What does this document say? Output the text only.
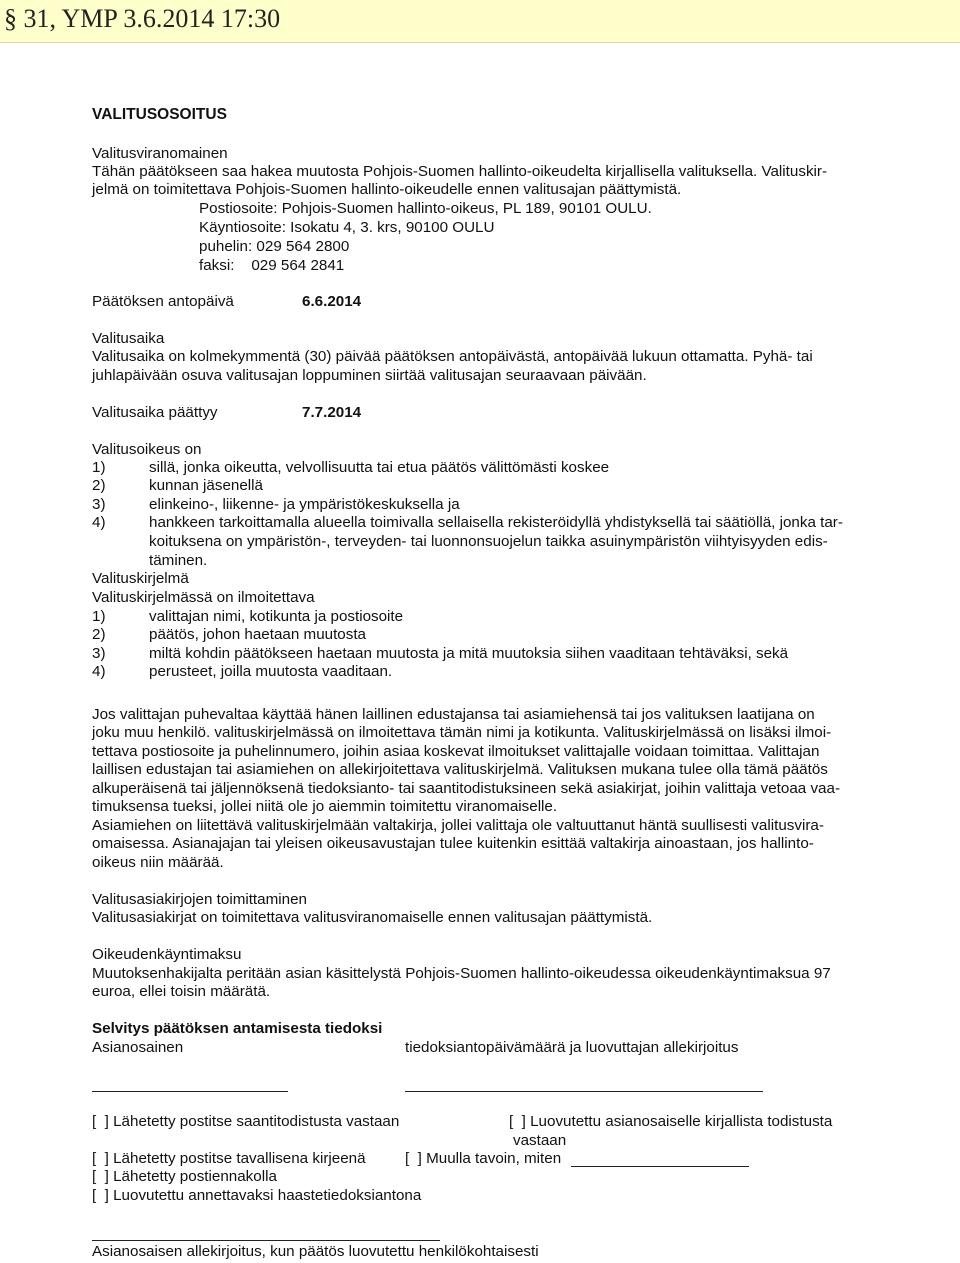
§ 31, YMP 3.6.2014 17:30
VALITUSOSOITUS
Valitusviranomainen
Tähän päätökseen saa hakea muutosta Pohjois-Suomen hallinto-oikeudelta kirjallisella valituksella. Valituskir-
jelmä on toimitettava Pohjois-Suomen hallinto-oikeudelle ennen valitusajan päättymistä.
Postiosoite: Pohjois-Suomen hallinto-oikeus, PL 189, 90101 OULU.
Käyntiosoite: Isokatu 4, 3. krs, 90100 OULU
puhelin: 029 564 2800
faksi:    029 564 2841
Päätöksen antopäivä	6.6.2014
Valitusaika
Valitusaika on kolmekymmentä (30) päivää päätöksen antopäivästä, antopäivää lukuun ottamatta. Pyhä- tai
juhlapäivään osuva valitusajan loppuminen siirtää valitusajan seuraavaan päivään.
Valitusaika päättyy	7.7.2014
Valitusoikeus on
1)	sillä, jonka oikeutta, velvollisuutta tai etua päätös välittömästi koskee
2)	kunnan jäsenellä
3)	elinkeino-, liikenne- ja ympäristökeskuksella ja
4)	hankkeen tarkoittamalla alueella toimivalla sellaisella rekisteröidyllä yhdistyksellä tai säätiöllä, jonka tar-
koituksena on ympäristön-, terveyden- tai luonnonsuojelun taikka asuinympäristön viihtyisyyden edis-
täminen.
Valituskirjelmä
Valituskirjelmässä on ilmoitettava
1)	valittajan nimi, kotikunta ja postiosoite
2)	päätös, johon haetaan muutosta
3)	miltä kohdin päätökseen haetaan muutosta ja mitä muutoksia siihen vaaditaan tehtäväksi, sekä
4)	perusteet, joilla muutosta vaaditaan.
Jos valittajan puhevaltaa käyttää hänen laillinen edustajansa tai asiamiehensä tai jos valituksen laatijana on
joku muu henkilö. valituskirjelmässä on ilmoitettava tämän nimi ja kotikunta. Valituskirjelmässä on lisäksi ilmoi-
tettava postiosoite ja puhelinnumero, joihin asiaa koskevat ilmoitukset valittajalle voidaan toimittaa. Valittajan
laillisen edustajan tai asiamiehen on allekirjoitettava valituskirjelmä. Valituksen mukana tulee olla tämä päätös
alkuperäisenä tai jäljennöksenä tiedoksianto- tai saantitodistuksineen sekä asiakirjat, joihin valittaja vetoaa vaa-
timuksensa tueksi, jollei niitä ole jo aiemmin toimitettu viranomaiselle.
Asiamiehen on liitettävä valituskirjelmään valtakirja, jollei valittaja ole valtuuttanut häntä suullisesti valitusvira-
omaisessa. Asianajajan tai yleisen oikeusavustajan tulee kuitenkin esittää valtakirja ainoastaan, jos hallinto-
oikeus niin määrää.
Valitusasiakirjojen toimittaminen
Valitusasiakirjat on toimitettava valitusviranomaiselle ennen valitusajan päättymistä.
Oikeudenkäyntimaksu
Muutoksenhakijalta peritään asian käsittelystä Pohjois-Suomen hallinto-oikeudessa oikeudenkäyntimaksua 97
euroa, ellei toisin määrätä.
Selvitys päätöksen antamisesta tiedoksi
Asianosainen	tiedoksiantopäivämäärä ja luovuttajan allekirjoitus
[  ] Lähetetty postitse saantitodistusta vastaan	[  ] Luovutettu asianosaiselle kirjallista todistusta
vastaan
[  ] Lähetetty postitse tavallisena kirjeenä	[  ] Muulla tavoin, miten
[  ] Lähetetty postiennakolla
[  ] Luovutettu annettavaksi haastetiedoksiantona
Asianosaisen allekirjoitus, kun päätös luovutettu henkilökohtaisesti
